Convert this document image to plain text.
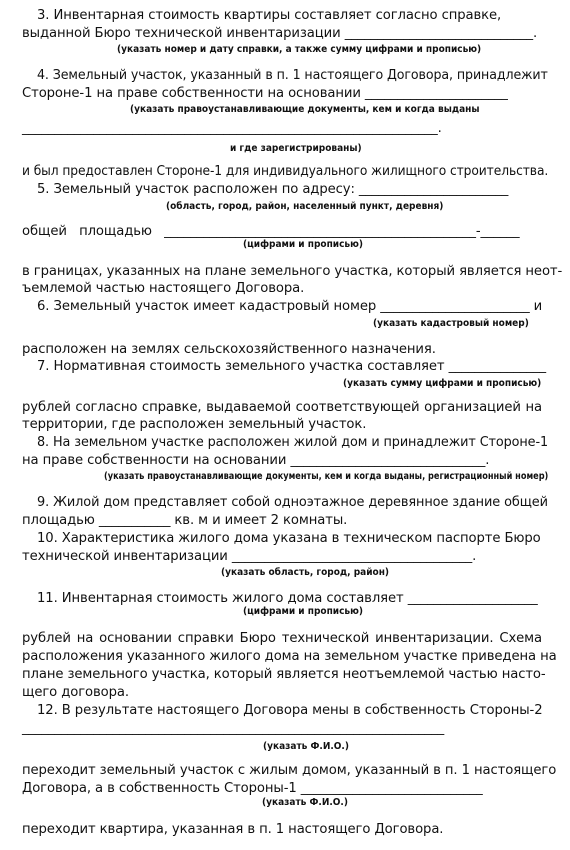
3. Инвентарная стоимость квартиры составляет согласно справке,
выданной Бюро технической инвентаризации _____________________________.
(указать номер и дату справки, а также сумму цифрами и прописью)
4. Земельный участок, указанный в п. 1 настоящего Договора, принадлежит
Стороне-1 на праве собственности на основании ______________________
(указать правоустанавливающие документы, кем и когда выданы
________________________________________________________________.
и где зарегистрированы)
и был предоставлен Стороне-1 для индивидуального жилищного строительства.
5. Земельный участок расположен по адресу: _______________________
(область, город, район, населенный пункт, деревня)
общей   площадью   ________________________________________________-______
(цифрами и прописью)
в границах, указанных на плане земельного участка, который является неот-
ъемлемой частью настоящего Договора.
6. Земельный участок имеет кадастровый номер _______________________ и
(указать кадастровый номер)
расположен на землях сельскохозяйственного назначения.
7. Нормативная стоимость земельного участка составляет _______________
(указать сумму цифрами и прописью)
рублей согласно справке, выдаваемой соответствующей организацией на
территории, где расположен земельный участок.
8. На земельном участке расположен жилой дом и принадлежит Стороне-1
на праве собственности на основании ______________________________.
(указать правоустанавливающие документы, кем и когда выданы, регистрационный номер)
9. Жилой дом представляет собой одноэтажное деревянное здание общей
площадью ___________ кв. м и имеет 2 комнаты.
10. Характеристика жилого дома указана в техническом паспорте Бюро
технической инвентаризации _____________________________________.
(указать область, город, район)
11. Инвентарная стоимость жилого дома составляет ____________________
(цифрами и прописью)
рублей на основании справки Бюро технической инвентаризации. Схема
расположения указанного жилого дома на земельном участке приведена на
плане земельного участка, который является неотъемлемой частью насто-
щего договора.
12. В результате настоящего Договора мены в собственность Стороны-2
_________________________________________________________________
(указать Ф.И.О.)
переходит земельный участок с жилым домом, указанный в п. 1 настоящего
Договора, а в собственность Стороны-1 ____________________________
(указать Ф.И.О.)
переходит квартира, указанная в п. 1 настоящего Договора.
